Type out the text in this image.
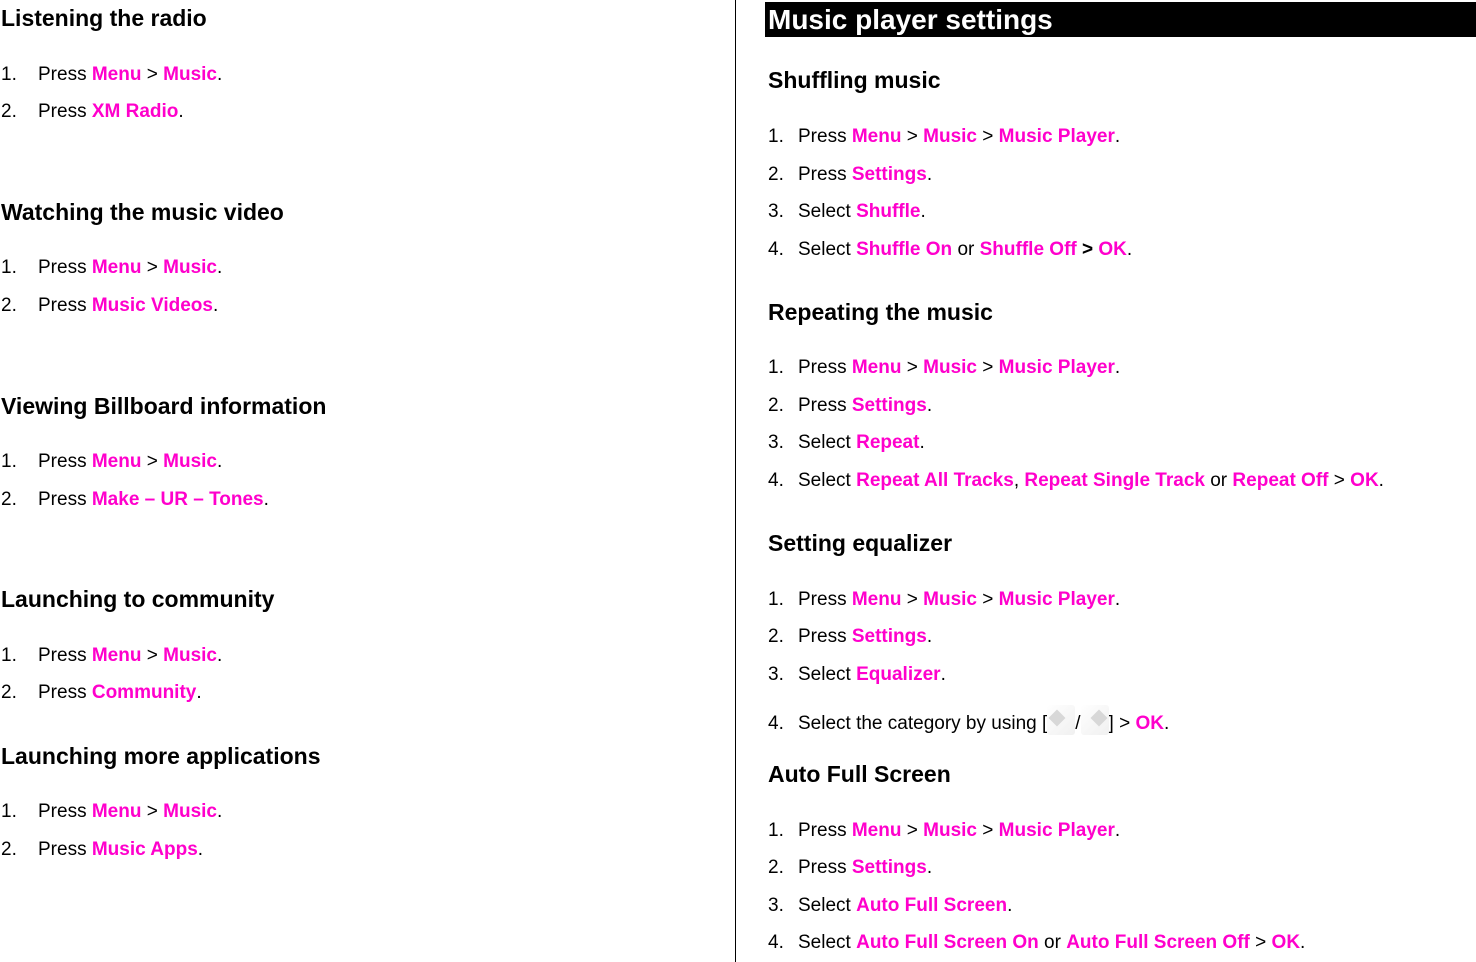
Listening the radio
1. Press Menu > Music.
2. Press XM Radio.
Watching the music video
1. Press Menu > Music.
2. Press Music Videos.
Viewing Billboard information
1. Press Menu > Music.
2. Press Make – UR – Tones.
Launching to community
1. Press Menu > Music.
2. Press Community.
Launching more applications
1. Press Menu > Music.
2. Press Music Apps.
Music player settings
Shuffling music
1. Press Menu > Music > Music Player.
2. Press Settings.
3. Select Shuffle.
4. Select Shuffle On or Shuffle Off > OK.
Repeating the music
1. Press Menu > Music > Music Player.
2. Press Settings.
3. Select Repeat.
4. Select Repeat All Tracks, Repeat Single Track or Repeat Off > OK.
Setting equalizer
1. Press Menu > Music > Music Player.
2. Press Settings.
3. Select Equalizer.
4. Select the category by using [ / ] > OK.
Auto Full Screen
1. Press Menu > Music > Music Player.
2. Press Settings.
3. Select Auto Full Screen.
4. Select Auto Full Screen On or Auto Full Screen Off > OK.
